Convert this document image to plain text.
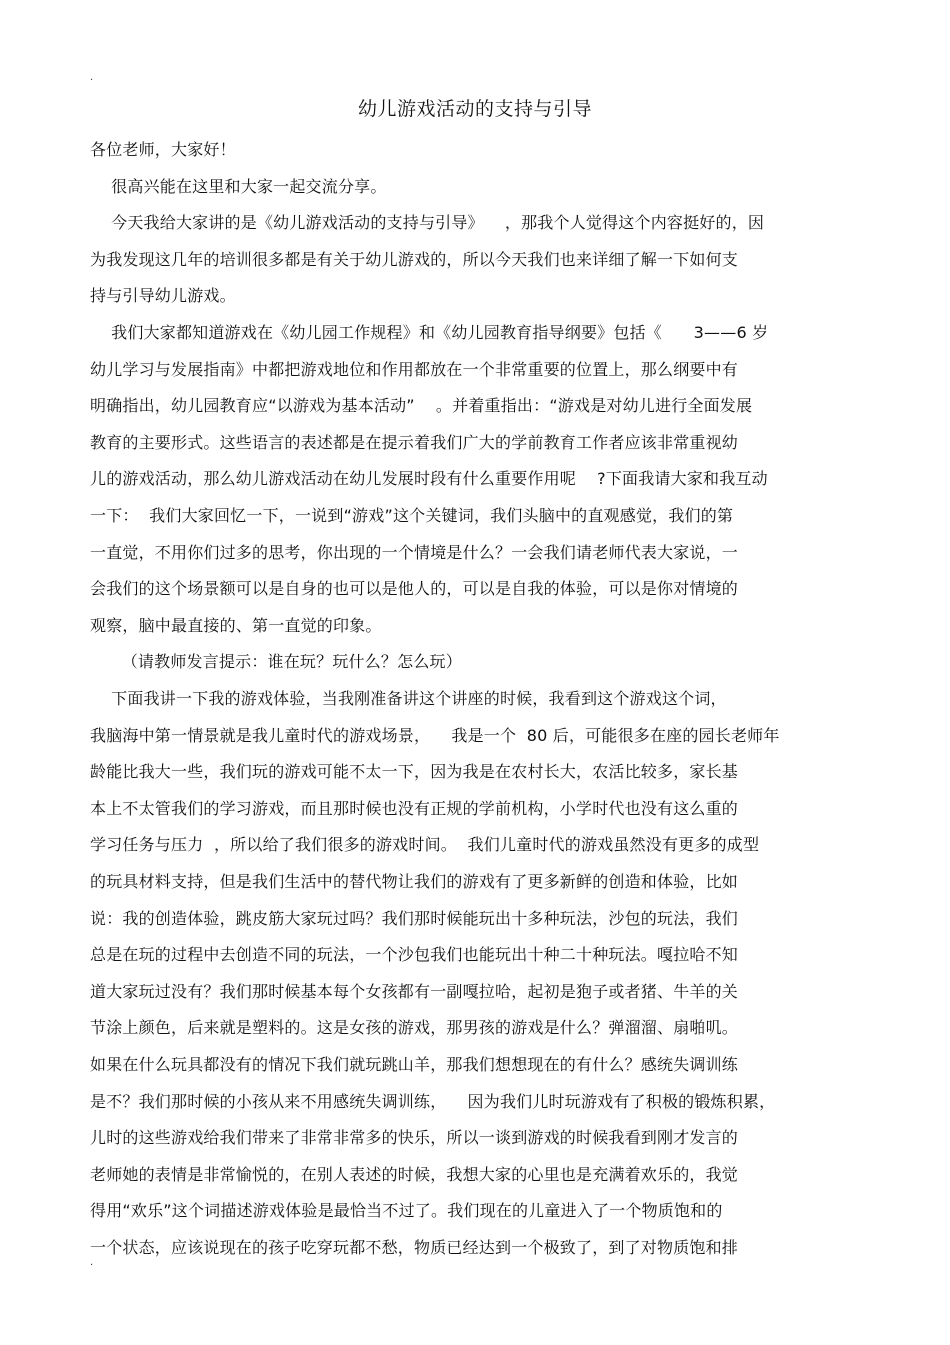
.
幼儿游戏活动的支持与引导
各位老师，大家好！
很高兴能在这里和大家一起交流分享。
今天我给大家讲的是《幼儿游戏活动的支持与引导》    ，那我个人觉得这个内容挺好的，因
为我发现这几年的培训很多都是有关于幼儿游戏的，所以今天我们也来详细了解一下如何支
持与引导幼儿游戏。
我们大家都知道游戏在《幼儿园工作规程》和《幼儿园教育指导纲要》包括《      3——6 岁
幼儿学习与发展指南》中都把游戏地位和作用都放在一个非常重要的位置上，那么纲要中有
明确指出，幼儿园教育应“以游戏为基本活动”    。并着重指出：“游戏是对幼儿进行全面发展
教育的主要形式。这些语言的表述都是在提示着我们广大的学前教育工作者应该非常重视幼
儿的游戏活动，那么幼儿游戏活动在幼儿发展时段有什么重要作用呢    ?下面我请大家和我互动
一下：  我们大家回忆一下，一说到“游戏”这个关键词，我们头脑中的直观感觉，我们的第
一直觉，不用你们过多的思考，你出现的一个情境是什么？一会我们请老师代表大家说，一
会我们的这个场景额可以是自身的也可以是他人的，可以是自我的体验，可以是你对情境的
观察，脑中最直接的、第一直觉的印象。
（请教师发言提示：谁在玩？玩什么？怎么玩）
下面我讲一下我的游戏体验，当我刚准备讲这个讲座的时候，我看到这个游戏这个词，
我脑海中第一情景就是我儿童时代的游戏场景，    我是一个  80 后，可能很多在座的园长老师年
龄能比我大一些，我们玩的游戏可能不太一下，因为我是在农村长大，农活比较多，家长基
本上不太管我们的学习游戏，而且那时候也没有正规的学前机构，小学时代也没有这么重的
学习任务与压力  ，所以给了我们很多的游戏时间。  我们儿童时代的游戏虽然没有更多的成型
的玩具材料支持，但是我们生活中的替代物让我们的游戏有了更多新鲜的创造和体验，比如
说：我的创造体验，跳皮筋大家玩过吗？我们那时候能玩出十多种玩法，沙包的玩法，我们
总是在玩的过程中去创造不同的玩法，一个沙包我们也能玩出十种二十种玩法。嘎拉哈不知
道大家玩过没有？我们那时候基本每个女孩都有一副嘎拉哈，起初是狍子或者猪、牛羊的关
节涂上颜色，后来就是塑料的。这是女孩的游戏，那男孩的游戏是什么？弹溜溜、扇啪叽。
如果在什么玩具都没有的情况下我们就玩跳山羊，那我们想想现在的有什么？感统失调训练
是不？我们那时候的小孩从来不用感统失调训练，    因为我们儿时玩游戏有了积极的锻炼积累，
儿时的这些游戏给我们带来了非常非常多的快乐，所以一谈到游戏的时候我看到刚才发言的
老师她的表情是非常愉悦的，在别人表述的时候，我想大家的心里也是充满着欢乐的，我觉
得用“欢乐”这个词描述游戏体验是最恰当不过了。我们现在的儿童进入了一个物质饱和的
一个状态，应该说现在的孩子吃穿玩都不愁，物质已经达到一个极致了，到了对物质饱和排
.
